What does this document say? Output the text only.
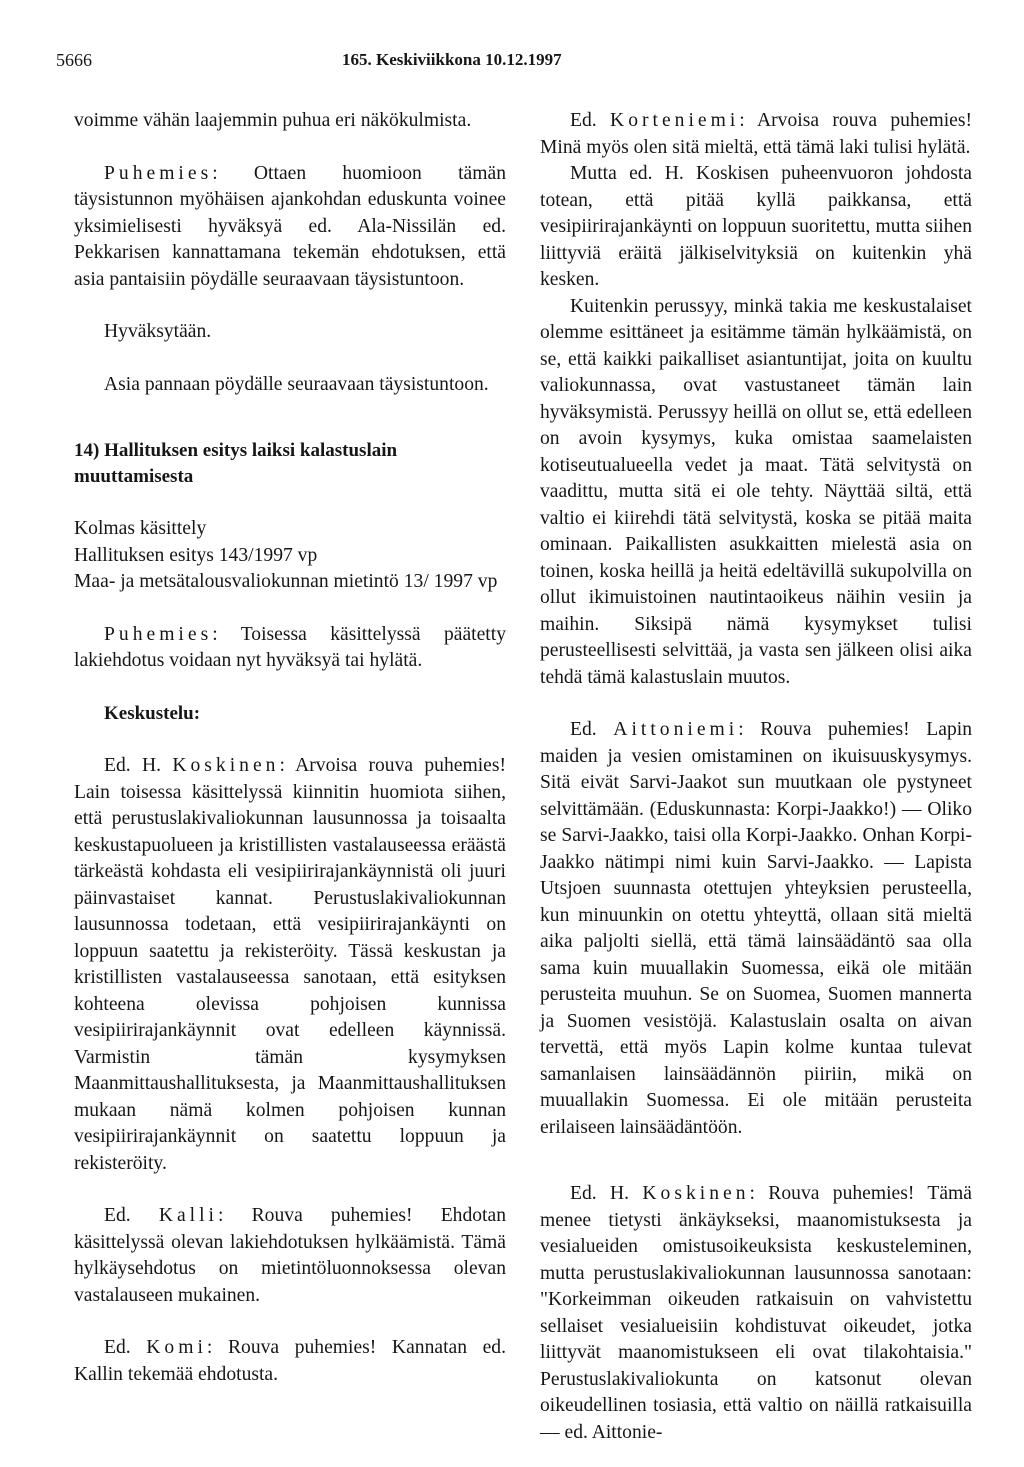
5666	165. Keskiviikkona 10.12.1997

voimme vähän laajemmin puhua eri näkökulmista.

Puhemies: Ottaen huomioon tämän täysistunnon myöhäisen ajankohdan eduskunta voinee yksimielisesti hyväksyä ed. Ala-Nissilän ed. Pekkarisen kannattamana tekemän ehdotuksen, että asia pantaisiin pöydälle seuraavaan täysistuntoon.

Hyväksytään.

Asia pannaan pöydälle seuraavaan täysistuntoon.

14) Hallituksen esitys laiksi kalastuslain muuttamisesta

Kolmas käsittely

Hallituksen esitys 143/1997 vp

Maa- ja metsätalousvaliokunnan mietintö 13/ 1997 vp

Puhemies: Toisessa käsittelyssä päätetty lakiehdotus voidaan nyt hyväksyä tai hylätä.

Keskustelu:

Ed. H. Koskinen: Arvoisa rouva puhemies! Lain toisessa käsittelyssä kiinnitin huomiota siihen, että perustuslakivaliokunnan lausunnossa ja toisaalta keskustapuolueen ja kristillisten vastalauseessa eräästä tärkeästä kohdasta eli vesipiirirajankäynnistä oli juuri päinvastaiset kannat. Perustuslakivaliokunnan lausunnossa todetaan, että vesipiirirajankäynti on loppuun saatettu ja rekisteröity. Tässä keskustan ja kristillisten vastalauseessa sanotaan, että esityksen kohteena olevissa pohjoisen kunnissa vesipiirirajankäynnit ovat edelleen käynnissä. Varmistin tämän kysymyksen Maanmittaushallituksesta, ja Maanmittaushallituksen mukaan nämä kolmen pohjoisen kunnan vesipiirirajankäynnit on saatettu loppuun ja rekisteröity.

Ed. Kalli: Rouva puhemies! Ehdotan käsittelyssä olevan lakiehdotuksen hylkäämistä. Tämä hylkäysehdotus on mietintöluonnoksessa olevan vastalauseen mukainen.

Ed. Komi: Rouva puhemies! Kannatan ed. Kallin tekemää ehdotusta.

Ed. Korteniemi: Arvoisa rouva puhemies! Minä myös olen sitä mieltä, että tämä laki tulisi hylätä.

Mutta ed. H. Koskisen puheenvuoron johdosta totean, että pitää kyllä paikkansa, että vesipiirirajankäynti on loppuun suoritettu, mutta siihen liittyviä eräitä jälkiselvityksiä on kuitenkin yhä kesken.

Kuitenkin perussyy, minkä takia me keskustalaiset olemme esittäneet ja esitämme tämän hylkäämistä, on se, että kaikki paikalliset asiantuntijat, joita on kuultu valiokunnassa, ovat vastustaneet tämän lain hyväksymistä. Perussyy heillä on ollut se, että edelleen on avoin kysymys, kuka omistaa saamelaisten kotiseutualueella vedet ja maat. Tätä selvitystä on vaadittu, mutta sitä ei ole tehty. Näyttää siltä, että valtio ei kiirehdi tätä selvitystä, koska se pitää maita ominaan. Paikallisten asukkaitten mielestä asia on toinen, koska heillä ja heitä edeltävillä sukupolvilla on ollut ikimuistoinen nautintaoikeus näihin vesiin ja maihin. Siksipä nämä kysymykset tulisi perusteellisesti selvittää, ja vasta sen jälkeen olisi aika tehdä tämä kalastuslain muutos.

Ed. Aittoniemi: Rouva puhemies! Lapin maiden ja vesien omistaminen on ikuisuuskysymys. Sitä eivät Sarvi-Jaakot sun muutkaan ole pystyneet selvittämään. (Eduskunnasta: Korpi-Jaakko!) — Oliko se Sarvi-Jaakko, taisi olla Korpi-Jaakko. Onhan Korpi-Jaakko nätimpi nimi kuin Sarvi-Jaakko. — Lapista Utsjoen suunnasta otettujen yhteyksien perusteella, kun minuunkin on otettu yhteyttä, ollaan sitä mieltä aika paljolti siellä, että tämä lainsäädäntö saa olla sama kuin muuallakin Suomessa, eikä ole mitään perusteita muuhun. Se on Suomea, Suomen mannerta ja Suomen vesistöjä. Kalastuslain osalta on aivan tervettä, että myös Lapin kolme kuntaa tulevat samanlaisen lainsäädännön piiriin, mikä on muuallakin Suomessa. Ei ole mitään perusteita erilaiseen lainsäädäntöön.

Ed. H. Koskinen: Rouva puhemies! Tämä menee tietysti änkäykseksi, maanomistuksesta ja vesialueiden omistusoikeuksista keskusteleminen, mutta perustuslakivaliokunnan lausunnossa sanotaan: "Korkeimman oikeuden ratkaisuin on vahvistettu sellaiset vesialueisiin kohdistuvat oikeudet, jotka liittyvät maanomistukseen eli ovat tilakohtaisia." Perustuslakivaliokunta on katsonut olevan oikeudellinen tosiasia, että valtio on näillä ratkaisuilla — ed. Aittonie-
